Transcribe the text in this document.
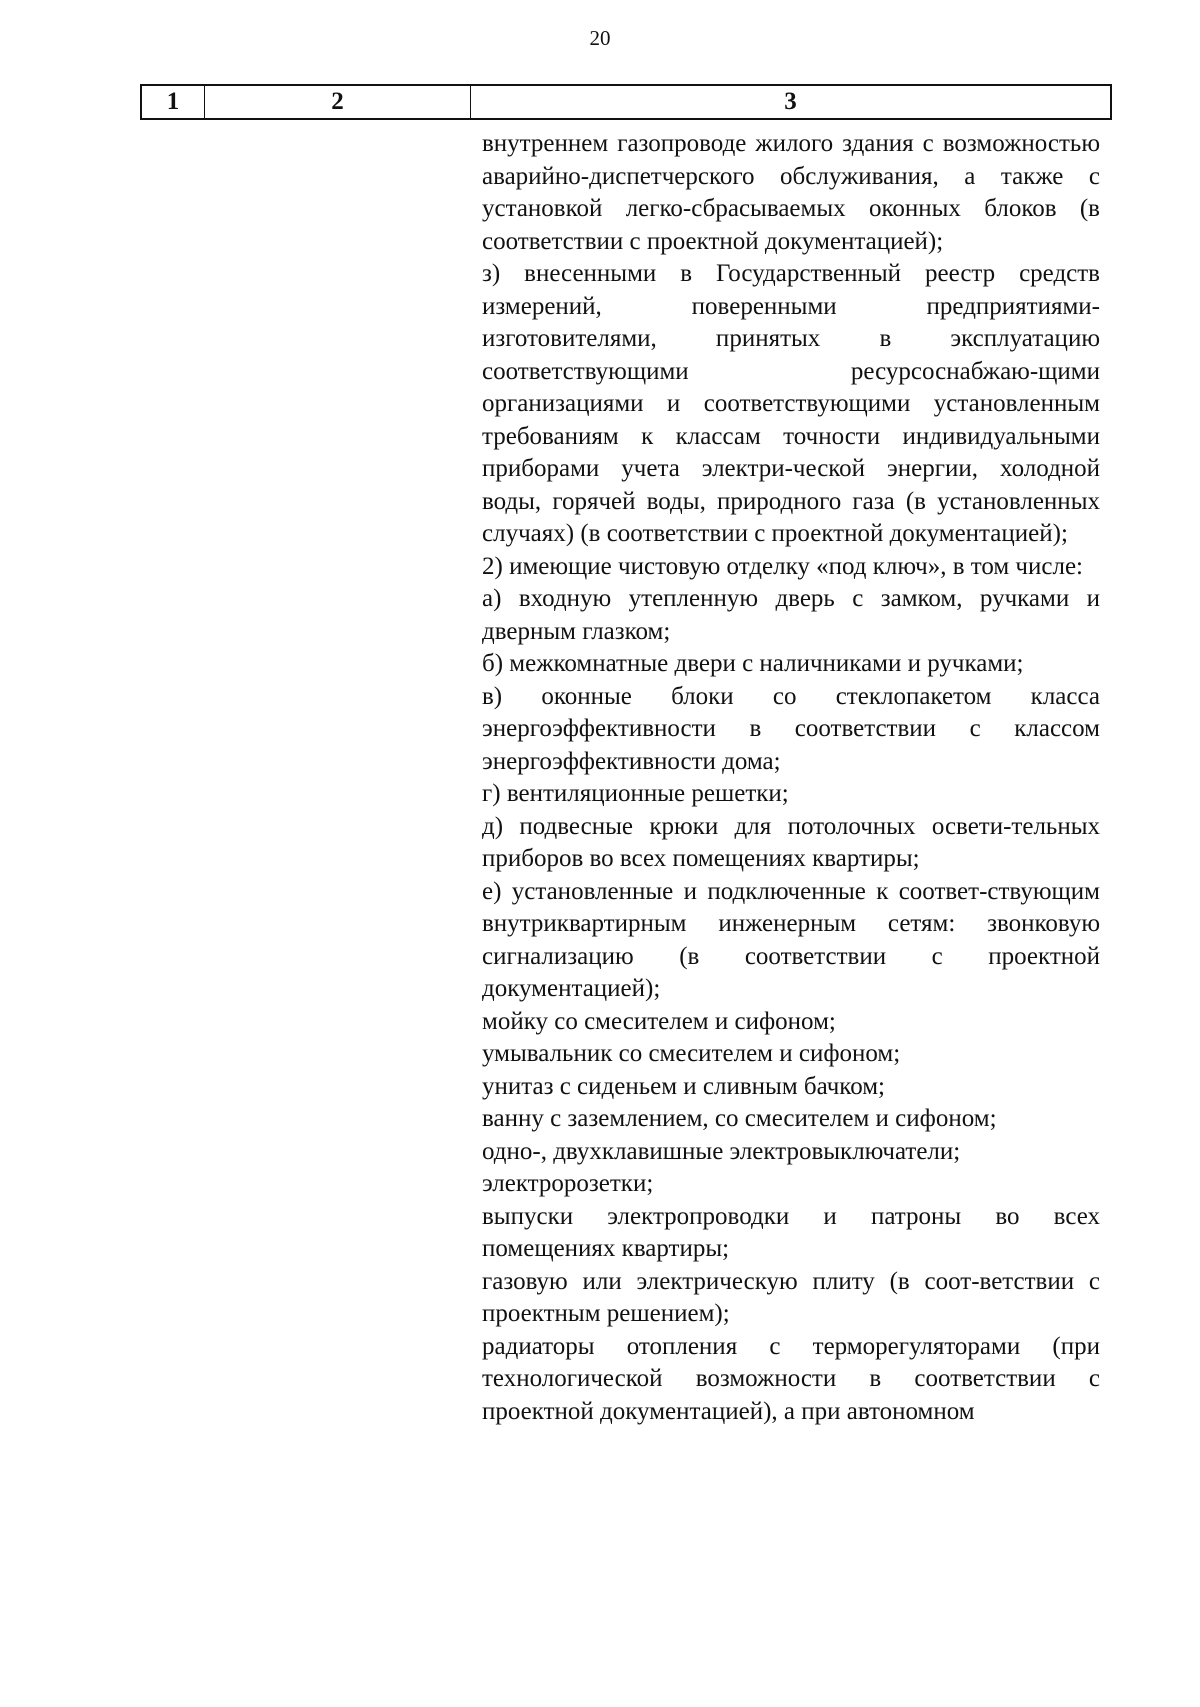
20
1	2	3

внутреннем газопроводе жилого здания с возможностью аварийно-диспетчерского обслуживания, а также с установкой легко-сбрасываемых оконных блоков (в соответствии с проектной документацией);

з) внесенными в Государственный реестр средств измерений, поверенными предприятиями-изготовителями, принятых в эксплуатацию соответствующими ресурсоснабжаю-щими организациями и соответствующими установленным требованиям к классам точности индивидуальными приборами учета электри-ческой энергии, холодной воды, горячей воды, природного газа (в установленных случаях) (в соответствии с проектной документацией);

2) имеющие чистовую отделку «под ключ», в том числе:

а) входную утепленную дверь с замком, ручками и дверным глазком;

б) межкомнатные двери с наличниками и ручками;

в) оконные блоки со стеклопакетом класса энергоэффективности в соответствии с классом энергоэффективности дома;

г) вентиляционные решетки;

д) подвесные крюки для потолочных освети-тельных приборов во всех помещениях квартиры;

е) установленные и подключенные к соответ-ствующим внутриквартирным инженерным сетям: звонковую сигнализацию (в соответствии с проектной документацией);

мойку со смесителем и сифоном;

умывальник со смесителем и сифоном;

унитаз с сиденьем и сливным бачком;

ванну с заземлением, со смесителем и сифоном;

одно-, двухклавишные электровыключатели;

электророзетки;

выпуски электропроводки и патроны во всех помещениях квартиры;

газовую или электрическую плиту (в соот-ветствии с проектным решением);

радиаторы отопления с терморегуляторами (при технологической возможности в соответствии с проектной документацией), а при автономном
